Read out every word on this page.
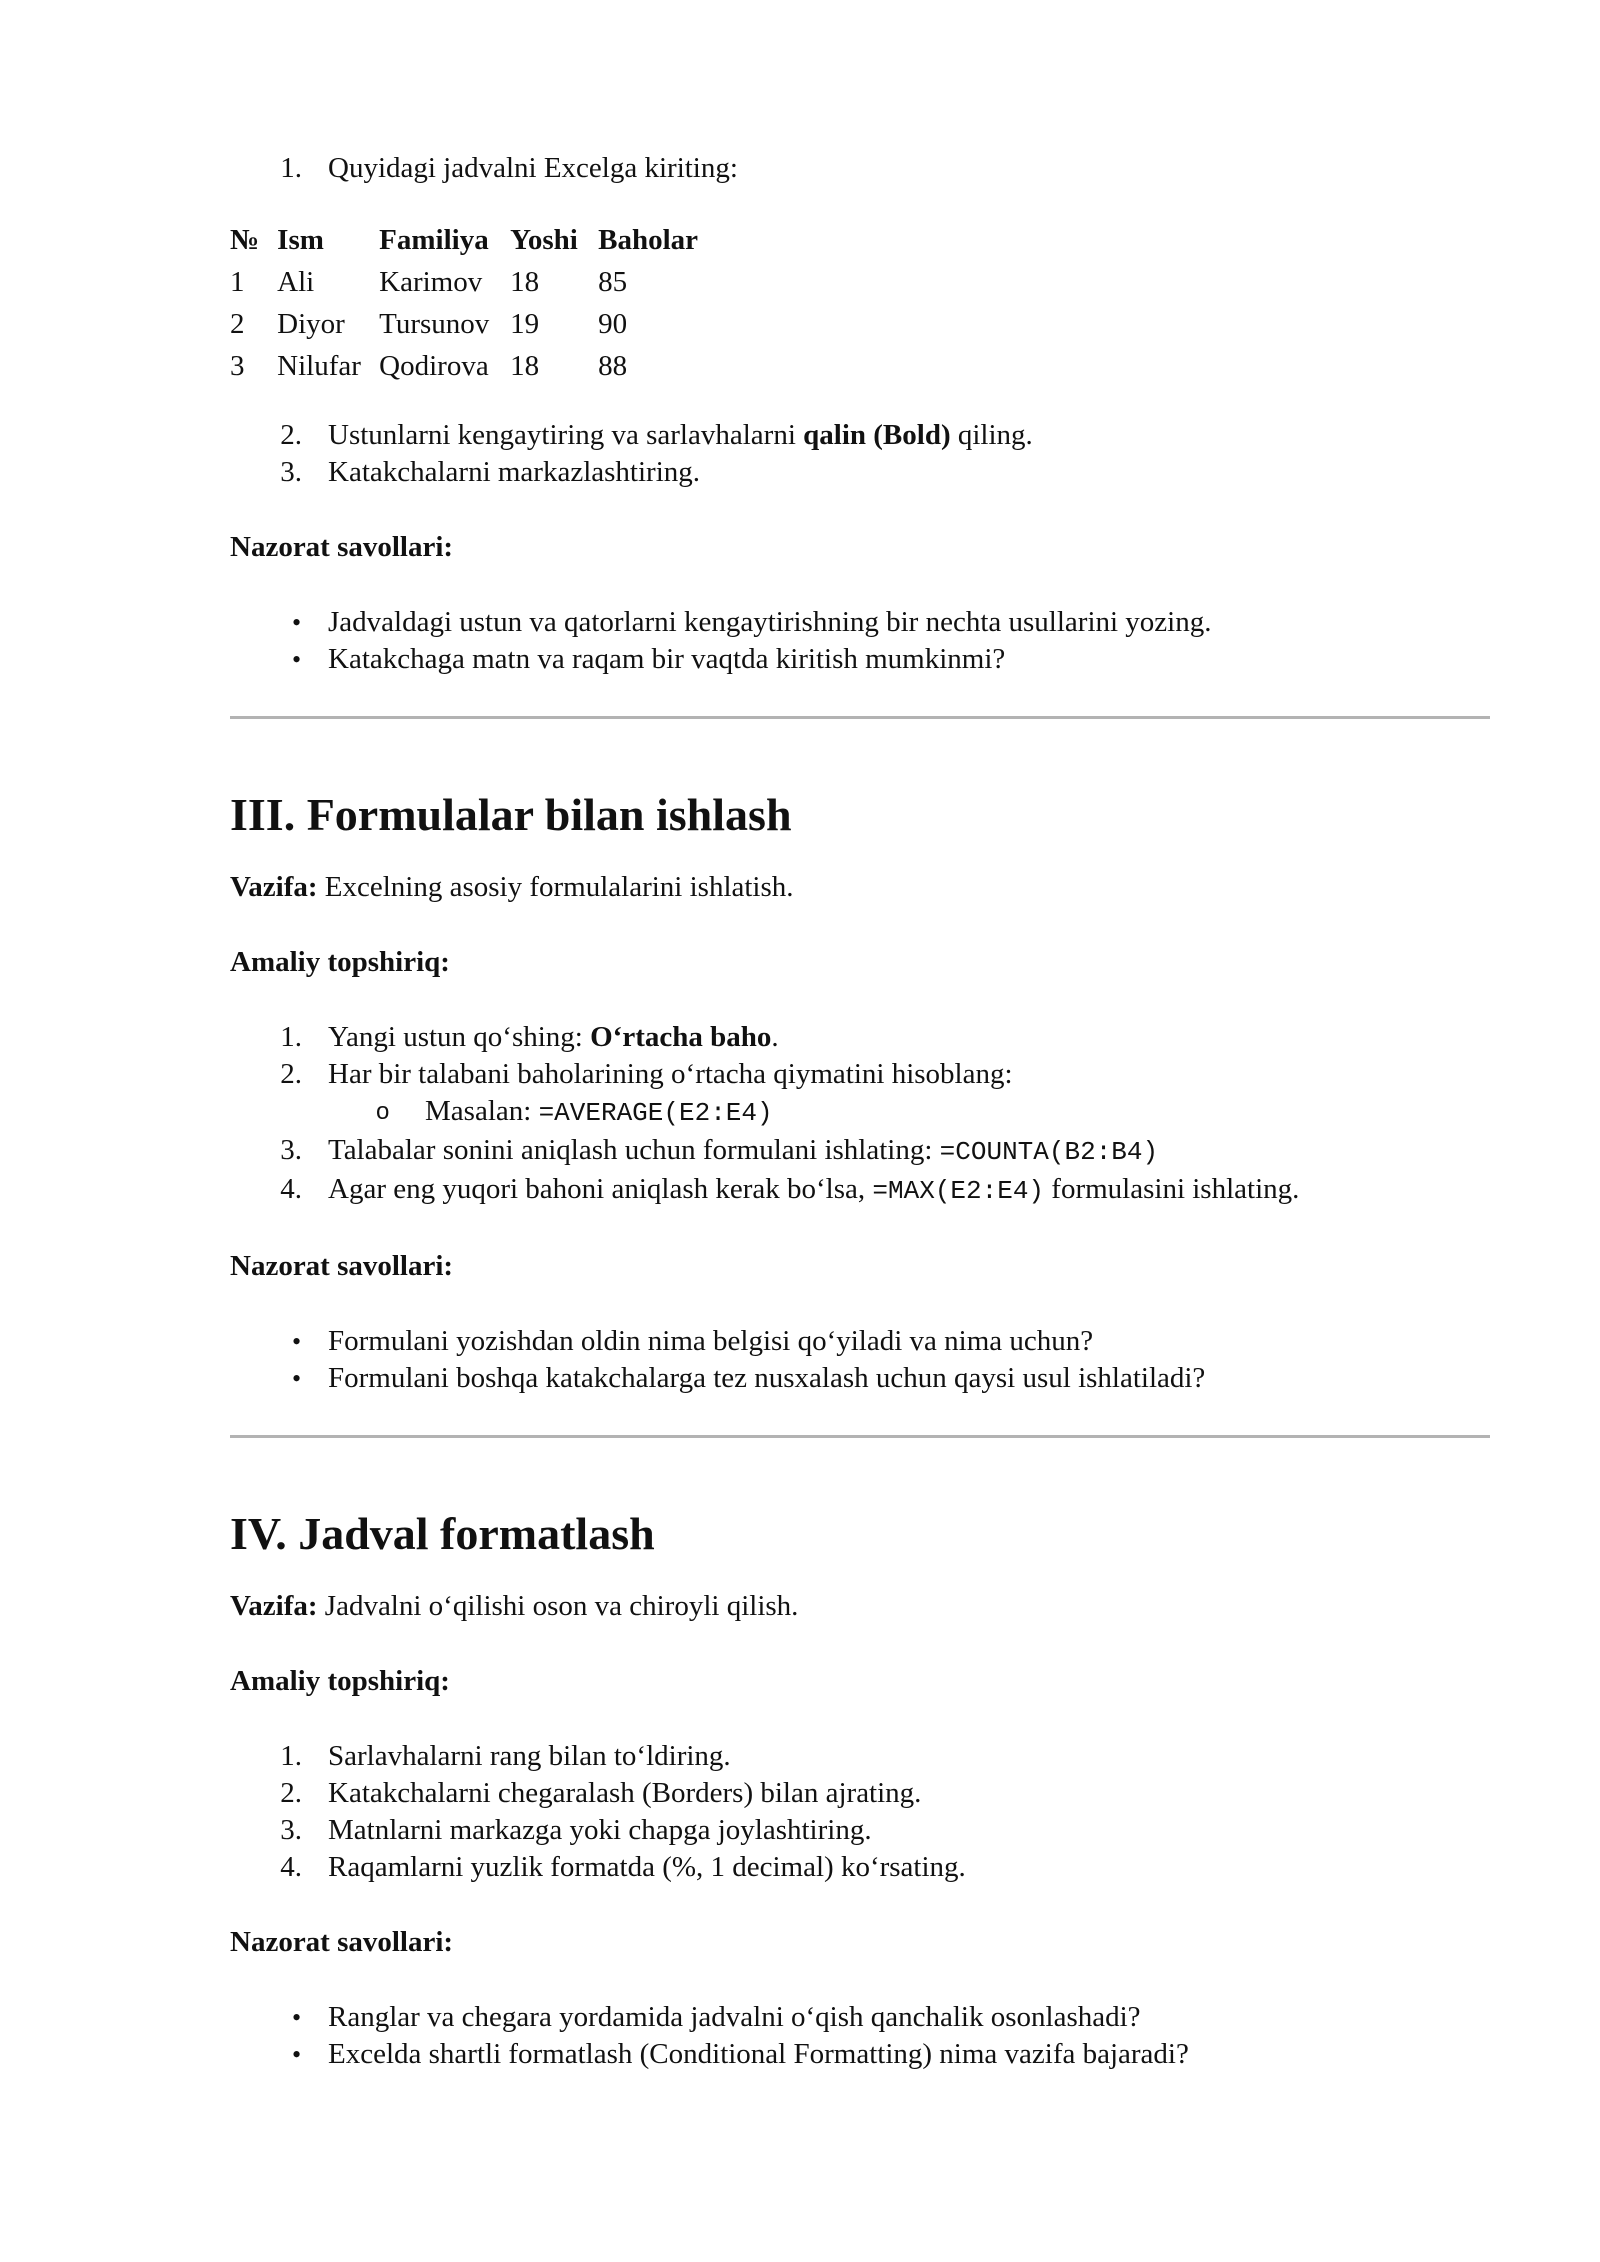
1. Quyidagi jadvalni Excelga kiriting:
№	Ism	Familiya	Yoshi	Baholar
1	Ali	Karimov	18	85
2	Diyor	Tursunov	19	90
3	Nilufar	Qodirova	18	88
2. Ustunlarni kengaytiring va sarlavhalarni qalin (Bold) qiling.
3. Katakchalarni markazlashtiring.

Nazorat savollari:

• Jadvaldagi ustun va qatorlarni kengaytirishning bir nechta usullarini yozing.
• Katakchaga matn va raqam bir vaqtda kiritish mumkinmi?
III. Formulalar bilan ishlash

Vazifa: Excelning asosiy formulalarini ishlatish.

Amaliy topshiriq:

1. Yangi ustun qo‘shing: O‘rtacha baho.
2. Har bir talabani baholarining o‘rtacha qiymatini hisoblang:
o Masalan: =AVERAGE(E2:E4)
3. Talabalar sonini aniqlash uchun formulani ishlating: =COUNTA(B2:B4)
4. Agar eng yuqori bahoni aniqlash kerak bo‘lsa, =MAX(E2:E4) formulasini ishlating.

Nazorat savollari:

• Formulani yozishdan oldin nima belgisi qo‘yiladi va nima uchun?
• Formulani boshqa katakchalarga tez nusxalash uchun qaysi usul ishlatiladi?
IV. Jadval formatlash

Vazifa: Jadvalni o‘qilishi oson va chiroyli qilish.

Amaliy topshiriq:

1. Sarlavhalarni rang bilan to‘ldiring.
2. Katakchalarni chegaralash (Borders) bilan ajrating.
3. Matnlarni markazga yoki chapga joylashtiring.
4. Raqamlarni yuzlik formatda (%, 1 decimal) ko‘rsating.

Nazorat savollari:

• Ranglar va chegara yordamida jadvalni o‘qish qanchalik osonlashadi?
• Excelda shartli formatlash (Conditional Formatting) nima vazifa bajaradi?
